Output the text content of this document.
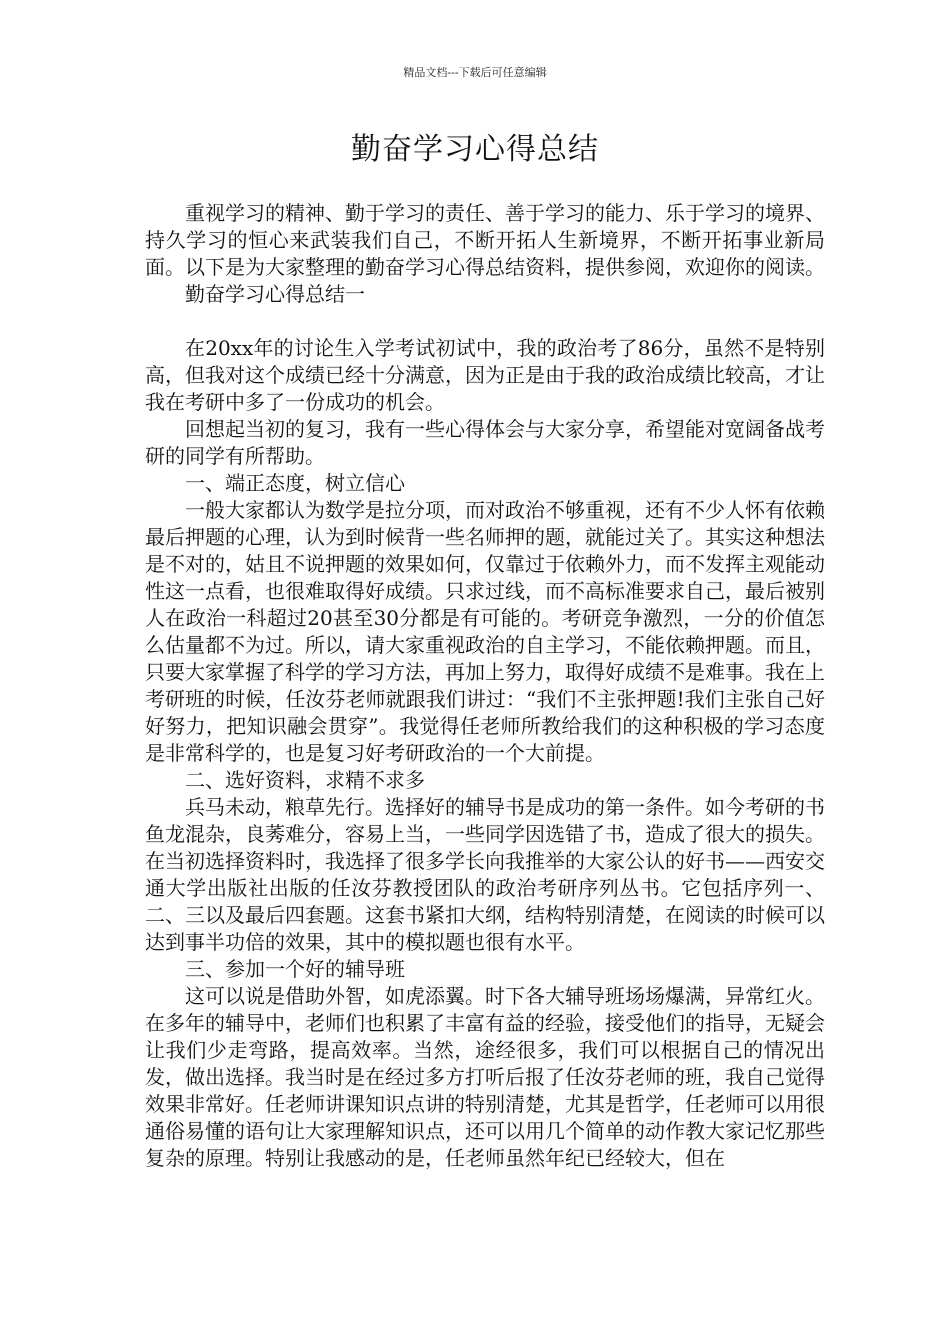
精品文档---下载后可任意编辑
勤奋学习心得总结

重视学习的精神、勤于学习的责任、善于学习的能力、乐于学习的境界、持久学习的恒心来武装我们自己，不断开拓人生新境界，不断开拓事业新局面。以下是为大家整理的勤奋学习心得总结资料，提供参阅，欢迎你的阅读。

勤奋学习心得总结一

在20xx年的讨论生入学考试初试中，我的政治考了86分，虽然不是特别高，但我对这个成绩已经十分满意，因为正是由于我的政治成绩比较高，才让我在考研中多了一份成功的机会。

回想起当初的复习，我有一些心得体会与大家分享，希望能对宽阔备战考研的同学有所帮助。

一、端正态度，树立信心

一般大家都认为数学是拉分项，而对政治不够重视，还有不少人怀有依赖最后押题的心理，认为到时候背一些名师押的题，就能过关了。其实这种想法是不对的，姑且不说押题的效果如何，仅靠过于依赖外力，而不发挥主观能动性这一点看，也很难取得好成绩。只求过线，而不高标准要求自己，最后被别人在政治一科超过20甚至30分都是有可能的。考研竞争激烈，一分的价值怎么估量都不为过。所以，请大家重视政治的自主学习，不能依赖押题。而且，只要大家掌握了科学的学习方法，再加上努力，取得好成绩不是难事。我在上考研班的时候，任汝芬老师就跟我们讲过：“我们不主张押题!我们主张自己好好努力，把知识融会贯穿”。我觉得任老师所教给我们的这种积极的学习态度是非常科学的，也是复习好考研政治的一个大前提。

二、选好资料，求精不求多

兵马未动，粮草先行。选择好的辅导书是成功的第一条件。如今考研的书鱼龙混杂，良莠难分，容易上当，一些同学因选错了书，造成了很大的损失。在当初选择资料时，我选择了很多学长向我推举的大家公认的好书——西安交通大学出版社出版的任汝芬教授团队的政治考研序列丛书。它包括序列一、二、三以及最后四套题。这套书紧扣大纲，结构特别清楚，在阅读的时候可以达到事半功倍的效果，其中的模拟题也很有水平。

三、参加一个好的辅导班

这可以说是借助外智，如虎添翼。时下各大辅导班场场爆满，异常红火。在多年的辅导中，老师们也积累了丰富有益的经验，接受他们的指导，无疑会让我们少走弯路，提高效率。当然，途经很多，我们可以根据自己的情况出发，做出选择。我当时是在经过多方打听后报了任汝芬老师的班，我自己觉得效果非常好。任老师讲课知识点讲的特别清楚，尤其是哲学，任老师可以用很通俗易懂的语句让大家理解知识点，还可以用几个简单的动作教大家记忆那些复杂的原理。特别让我感动的是，任老师虽然年纪已经较大，但在
